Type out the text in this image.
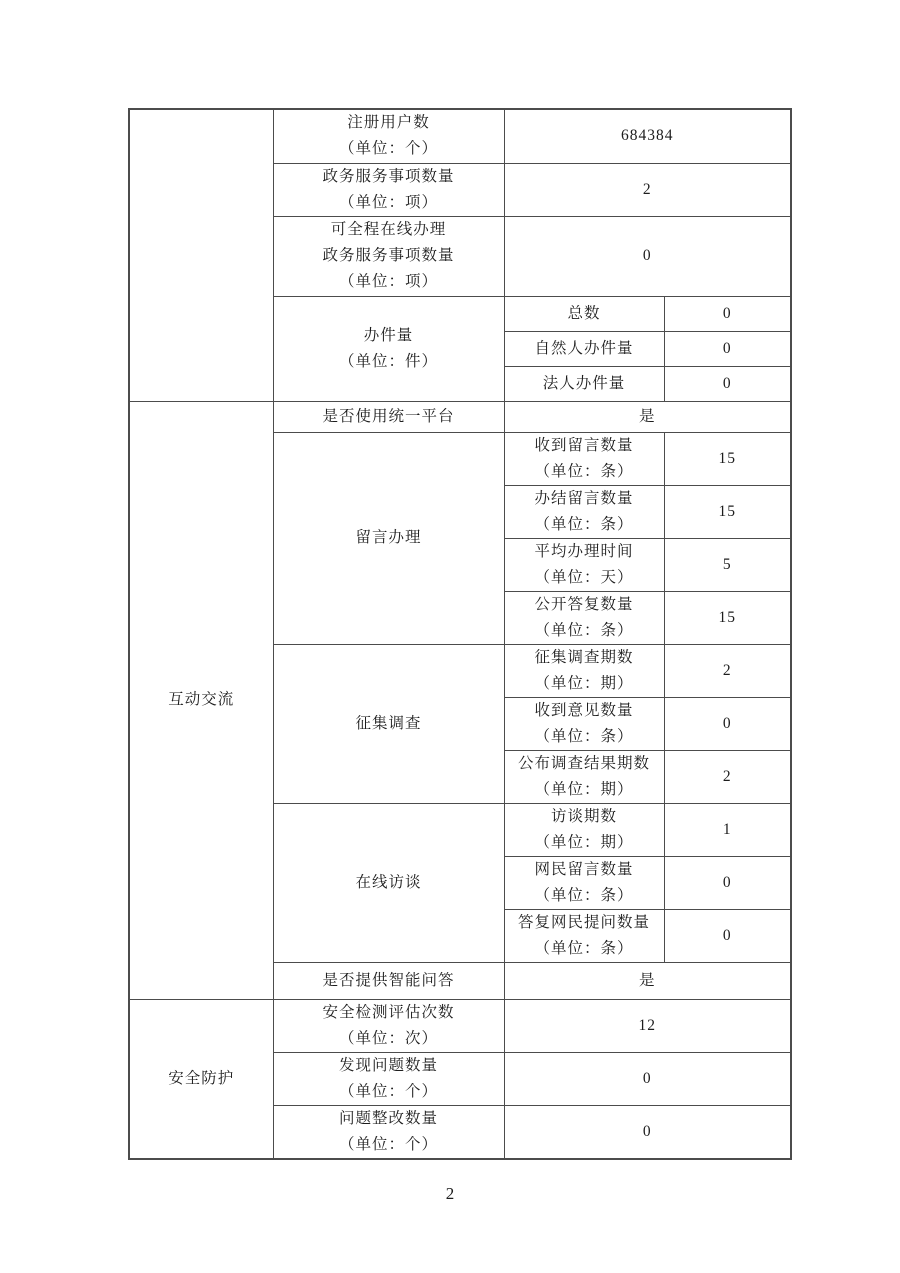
	注册用户数
（单位：个）	684384	

	政务服务事项数量
（单位：项）	2	

	可全程在线办理
政务服务事项数量
（单位：项）	0	

	办件量
（单位：件）	总数	0
		自然人办件量	0
		法人办件量	0
互动交流	是否使用统一平台	是	
	留言办理	收到留言数量
（单位：条）	15

		办结留言数量
（单位：条）	15

		平均办理时间
（单位：天）	5

		公开答复数量
（单位：条）	15
	征集调查	征集调查期数
（单位：期）	2

		收到意见数量
（单位：条）	0

		公布调查结果期数
（单位：期）	2
	在线访谈	访谈期数
（单位：期）	1

		网民留言数量
（单位：条）	0

		答复网民提问数量
（单位：条）	0
	是否提供智能问答	是	
安全防护	安全检测评估次数
（单位：次）	12	

	发现问题数量
（单位：个）	0	

	问题整改数量
（单位：个）	0	
2
